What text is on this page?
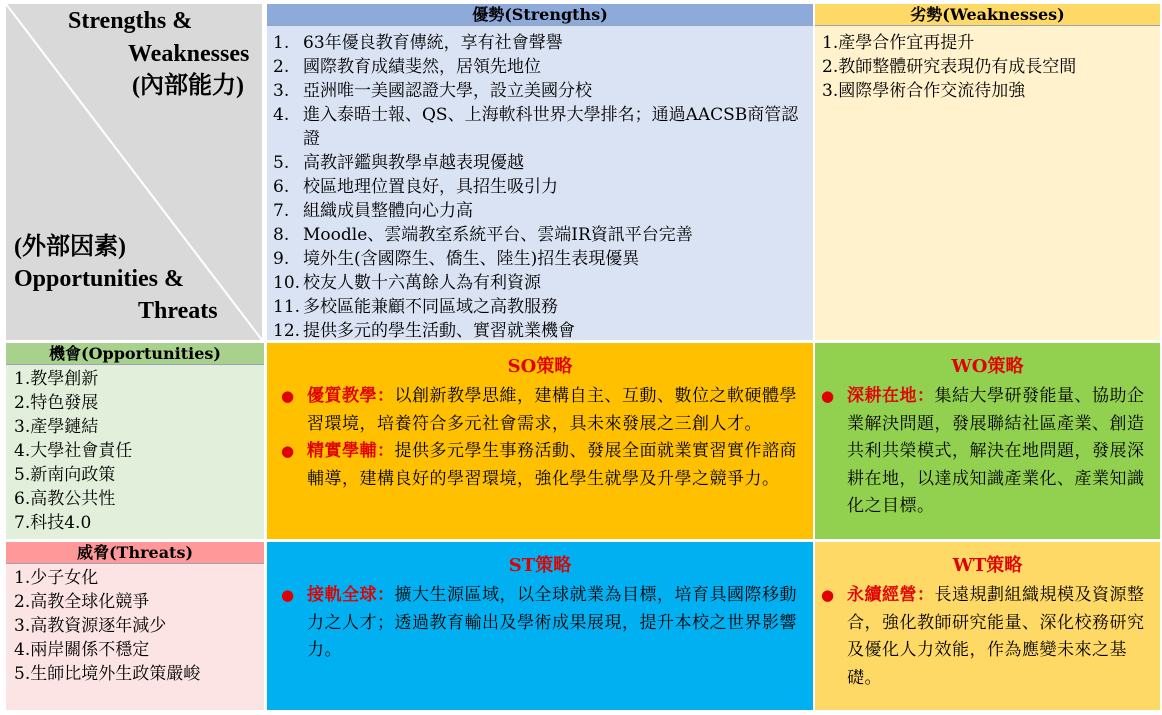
Strengths &
Weaknesses
(內部能力)
(外部因素)
Opportunities &
Threats
優勢(Strengths)
1. 63年優良教育傳統，享有社會聲譽
2. 國際教育成績斐然，居領先地位
3. 亞洲唯一美國認證大學，設立美國分校
4. 進入泰晤士報、QS、上海軟科世界大學排名；通過AACSB商管認證
5. 高教評鑑與教學卓越表現優越
6. 校區地理位置良好，具招生吸引力
7. 組織成員整體向心力高
8. Moodle、雲端教室系統平台、雲端IR資訊平台完善
9. 境外生(含國際生、僑生、陸生)招生表現優異
10. 校友人數十六萬餘人為有利資源
11. 多校區能兼顧不同區域之高教服務
12. 提供多元的學生活動、實習就業機會
劣勢(Weaknesses)
1.產學合作宜再提升
2.教師整體研究表現仍有成長空間
3.國際學術合作交流待加強
機會(Opportunities)
1.教學創新
2.特色發展
3.產學鏈結
4.大學社會責任
5.新南向政策
6.高教公共性
7.科技4.0
威脅(Threats)
1.少子女化
2.高教全球化競爭
3.高教資源逐年減少
4.兩岸關係不穩定
5.生師比境外生政策嚴峻
SO策略
● 優質教學：以創新教學思維，建構自主、互動、數位之軟硬體學習環境，培養符合多元社會需求，具未來發展之三創人才。
● 精實學輔：提供多元學生事務活動、發展全面就業實習實作諮商輔導，建構良好的學習環境，強化學生就學及升學之競爭力。
WO策略
● 深耕在地：集結大學研發能量、協助企業解決問題，發展聯結社區產業、創造共利共榮模式，解決在地問題，發展深耕在地，以達成知識產業化、產業知識化之目標。
ST策略
● 接軌全球：擴大生源區域，以全球就業為目標，培育具國際移動力之人才；透過教育輸出及學術成果展現，提升本校之世界影響力。
WT策略
● 永續經營：長遠規劃組織規模及資源整合，強化教師研究能量、深化校務研究及優化人力效能，作為應變未來之基礎。
